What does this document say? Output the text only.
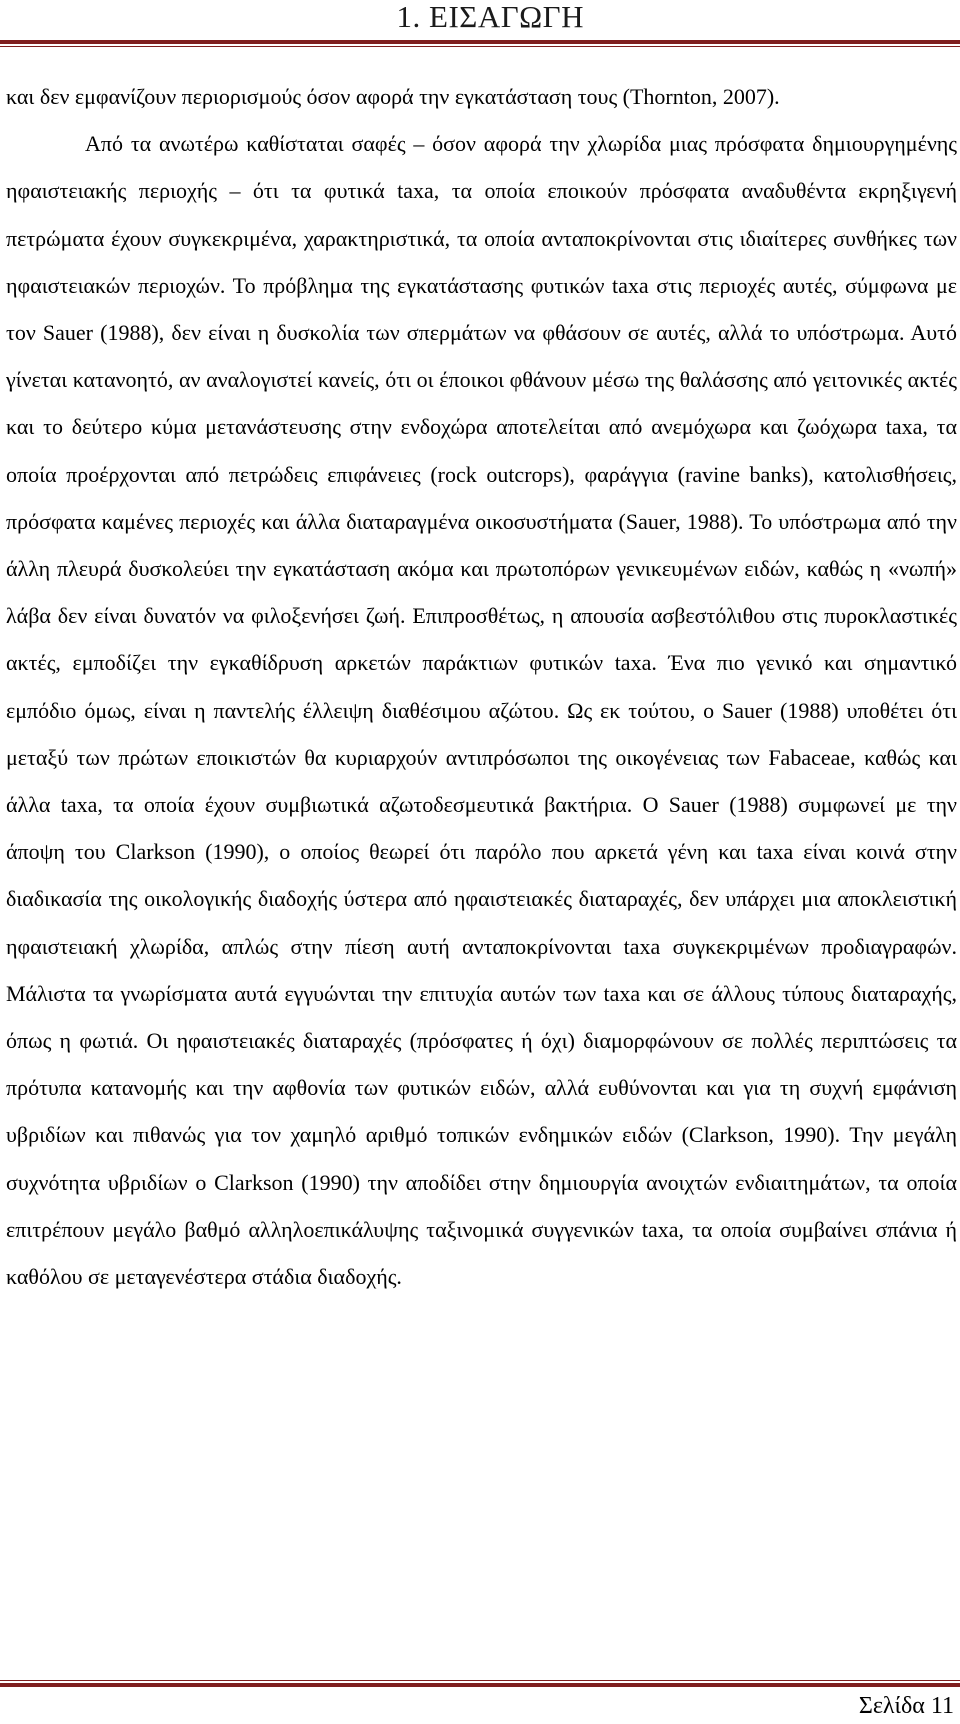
1. ΕΙΣΑΓΩΓΗ

και δεν εμφανίζουν περιορισμούς όσον αφορά την εγκατάσταση τους (Thornton, 2007).

Από τα ανωτέρω καθίσταται σαφές – όσον αφορά την χλωρίδα μιας πρόσφατα δημιουργημένης ηφαιστειακής περιοχής – ότι τα φυτικά taxa, τα οποία εποικούν πρόσφατα αναδυθέντα εκρηξιγενή πετρώματα έχουν συγκεκριμένα, χαρακτηριστικά, τα οποία ανταποκρίνονται στις ιδιαίτερες συνθήκες των ηφαιστειακών περιοχών. Το πρόβλημα της εγκατάστασης φυτικών taxa στις περιοχές αυτές, σύμφωνα με τον Sauer (1988), δεν είναι η δυσκολία των σπερμάτων να φθάσουν σε αυτές, αλλά το υπόστρωμα. Αυτό γίνεται κατανοητό, αν αναλογιστεί κανείς, ότι οι έποικοι φθάνουν μέσω της θαλάσσης από γειτονικές ακτές και το δεύτερο κύμα μετανάστευσης στην ενδοχώρα αποτελείται από ανεμόχωρα και ζωόχωρα taxa, τα οποία προέρχονται από πετρώδεις επιφάνειες (rock outcrops), φαράγγια (ravine banks), κατολισθήσεις, πρόσφατα καμένες περιοχές και άλλα διαταραγμένα οικοσυστήματα (Sauer, 1988). Το υπόστρωμα από την άλλη πλευρά δυσκολεύει την εγκατάσταση ακόμα και πρωτοπόρων γενικευμένων ειδών, καθώς η «νωπή» λάβα δεν είναι δυνατόν να φιλοξενήσει ζωή. Επιπροσθέτως, η απουσία ασβεστόλιθου στις πυροκλαστικές ακτές, εμποδίζει την εγκαθίδρυση αρκετών παράκτιων φυτικών taxa. Ένα πιο γενικό και σημαντικό εμπόδιο όμως, είναι η παντελής έλλειψη διαθέσιμου αζώτου. Ως εκ τούτου, ο Sauer (1988) υποθέτει ότι μεταξύ των πρώτων εποικιστών θα κυριαρχούν αντιπρόσωποι της οικογένειας των Fabaceae, καθώς και άλλα taxa, τα οποία έχουν συμβιωτικά αζωτοδεσμευτικά βακτήρια. Ο Sauer (1988) συμφωνεί με την άποψη του Clarkson (1990), ο οποίος θεωρεί ότι παρόλο που αρκετά γένη και taxa είναι κοινά στην διαδικασία της οικολογικής διαδοχής ύστερα από ηφαιστειακές διαταραχές, δεν υπάρχει μια αποκλειστική ηφαιστειακή χλωρίδα, απλώς στην πίεση αυτή ανταποκρίνονται taxa συγκεκριμένων προδιαγραφών. Μάλιστα τα γνωρίσματα αυτά εγγυώνται την επιτυχία αυτών των taxa και σε άλλους τύπους διαταραχής, όπως η φωτιά. Οι ηφαιστειακές διαταραχές (πρόσφατες ή όχι) διαμορφώνουν σε πολλές περιπτώσεις τα πρότυπα κατανομής και την αφθονία των φυτικών ειδών, αλλά ευθύνονται και για τη συχνή εμφάνιση υβριδίων και πιθανώς για τον χαμηλό αριθμό τοπικών ενδημικών ειδών (Clarkson, 1990). Την μεγάλη συχνότητα υβριδίων ο Clarkson (1990) την αποδίδει στην δημιουργία ανοιχτών ενδιαιτημάτων, τα οποία επιτρέπουν μεγάλο βαθμό αλληλοεπικάλυψης ταξινομικά συγγενικών taxa, τα οποία συμβαίνει σπάνια ή καθόλου σε μεταγενέστερα στάδια διαδοχής.

Σελίδα 11
